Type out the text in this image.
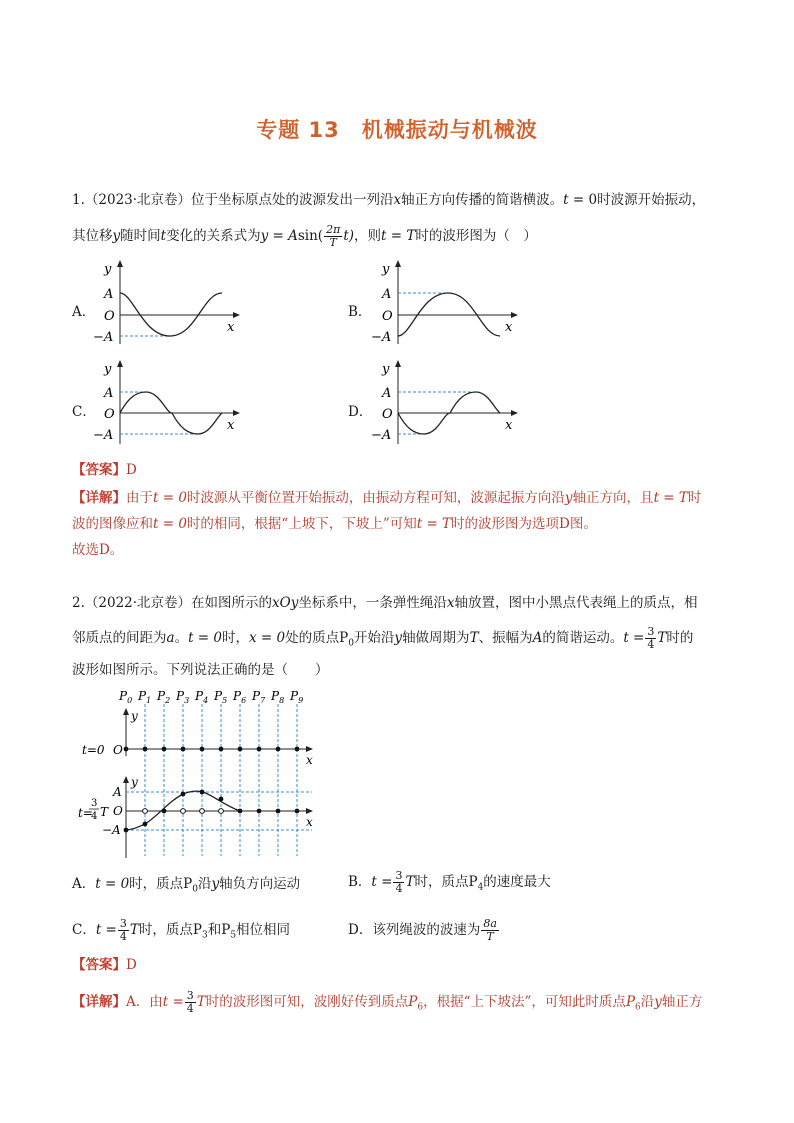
专题 13 机械振动与机械波
1.（2023·北京卷）位于坐标原点处的波源发出一列沿x轴正方向传播的简谐横波。t = 0时波源开始振动，
其位移y随时间t变化的关系式为$y = Asin( \frac{2\pi}{T} t)$，则t = T时的波形图为（　）
A．	B．
C．	D．
y
A
O
−A
x
y
A
O
−A
x
y
A
O
−A
x
y
A
O
−A
x
【答案】D
【详解】由于t = 0时波源从平衡位置开始振动，由振动方程可知，波源起振方向沿y轴正方向，且t = T时
波的图像应和t = 0时的相同，根据“上坡下，下坡上”可知t = T时的波形图为选项D图。
故选D。
2.（2022·北京卷）在如图所示的xOy坐标系中，一条弹性绳沿x轴放置，图中小黑点代表绳上的质点，相
邻质点的间距为a。t = 0时，x = 0处的质点$P_0$开始沿y轴做周期为T、振幅为A的简谐运动。$t = \frac{3}{4}$ T时的
波形如图所示。下列说法正确的是（　　）
$P_0$ $P_1$ $P_2$ $P_3$ $P_4$ $P_5$ $P_6$ $P_7$ $P_8$ $P_9$
y
x
t=0 O
y
x
A
O
−A
t=
3
4 T
A．t = 0时，质点$P_0$沿y轴负方向运动	B．$t = \frac{3}{4}$ T时，质点$P_4$的速度最大
C．$t = \frac{3}{4}$ T时，质点$P_3$和$P_5$相位相同	D．该列绳波的波速为 $\frac{8a}{T}$
【答案】D
【详解】A．由$t = \frac{3}{4}$ T时的波形图可知，波刚好传到质点$P_6$，根据“上下坡法”，可知此时质点$P_6$沿y轴正方
